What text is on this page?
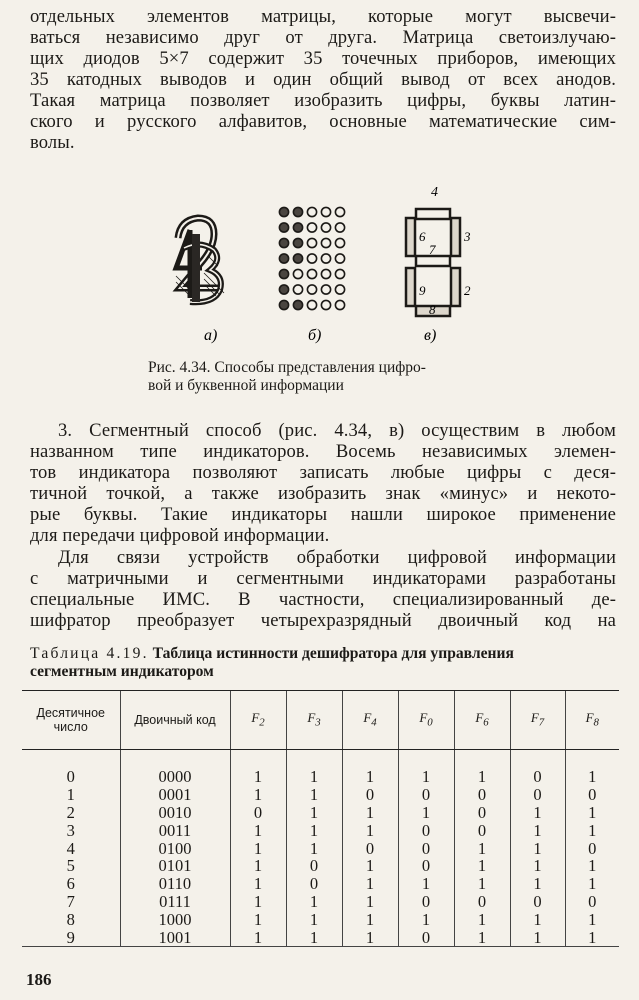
отдельных элементов матрицы, которые могут высвечи-
ваться независимо друг от друга. Матрица светоизлучаю-
щих диодов 5×7 содержит 35 точечных приборов, имеющих
35 катодных выводов и один общий вывод от всех анодов.
Такая матрица позволяет изобразить цифры, буквы латин-
ского и русского алфавитов, основные математические сим-
волы.
4
6	3
7
9	2
8
а)	б)	в)
Рис. 4.34. Способы представления цифро-
вой и буквенной информации
3. Сегментный способ (рис. 4.34, в) осуществим в любом
названном типе индикаторов. Восемь независимых элемен-
тов индикатора позволяют записать любые цифры с деся-
тичной точкой, а также изобразить знак «минус» и некото-
рые буквы. Такие индикаторы нашли широкое применение
для передачи цифровой информации.
Для связи устройств обработки цифровой информации
с матричными и сегментными индикаторами разработаны
специальные ИМС. В частности, специализированный де-
шифратор преобразует четырехразрядный двоичный код на
Таблица 4.19. Таблица истинности дешифратора для управления
сегментным индикатором
Десятичное число	Двоичный код	$F_2$	$F_3$	$F_4$	$F_0$	$F_6$	$F_7$	$F_8$

0	0000	1	1	1	1	1	0	1
1	0001	1	1	0	0	0	0	0
2	0010	0	1	1	1	0	1	1
3	0011	1	1	1	0	0	1	1
4	0100	1	1	0	0	1	1	0
5	0101	1	0	1	0	1	1	1
6	0110	1	0	1	1	1	1	1
7	0111	1	1	1	0	0	0	0
8	1000	1	1	1	1	1	1	1
9	1001	1	1	1	0	1	1	1
186
